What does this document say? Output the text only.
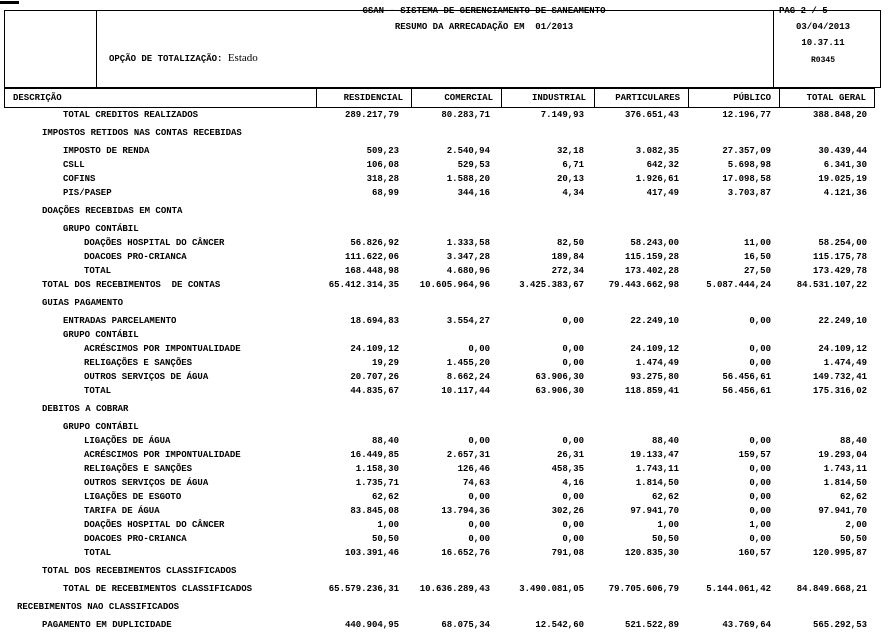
GSAN - SISTEMA DE GERENCIAMENTO DE SANEAMENTO
RESUMO DA ARRECADAÇÃO EM  01/2013
OPÇÃO DE TOTALIZAÇÃO: Estado
PAG 2 / 5
03/04/2013
10.37.11
R0345
DESCRIÇÃO	RESIDENCIAL	COMERCIAL	INDUSTRIAL	PARTICULARES	PÚBLICO	TOTAL GERAL
TOTAL CREDITOS REALIZADOS	289.217,79	80.283,71	7.149,93	376.651,43	12.196,77	388.848,20
IMPOSTOS RETIDOS NAS CONTAS RECEBIDAS
IMPOSTO DE RENDA	509,23	2.540,94	32,18	3.082,35	27.357,09	30.439,44
CSLL	106,08	529,53	6,71	642,32	5.698,98	6.341,30
COFINS	318,28	1.588,20	20,13	1.926,61	17.098,58	19.025,19
PIS/PASEP	68,99	344,16	4,34	417,49	3.703,87	4.121,36
DOAÇÕES RECEBIDAS EM CONTA
GRUPO CONTÁBIL
DOAÇÕES HOSPITAL DO CÂNCER	56.826,92	1.333,58	82,50	58.243,00	11,00	58.254,00
DOACOES PRO-CRIANCA	111.622,06	3.347,28	189,84	115.159,28	16,50	115.175,78
TOTAL	168.448,98	4.680,96	272,34	173.402,28	27,50	173.429,78
TOTAL DOS RECEBIMENTOS  DE CONTAS	65.412.314,35	10.605.964,96	3.425.383,67	79.443.662,98	5.087.444,24	84.531.107,22
GUIAS PAGAMENTO
ENTRADAS PARCELAMENTO	18.694,83	3.554,27	0,00	22.249,10	0,00	22.249,10
GRUPO CONTÁBIL
ACRÉSCIMOS POR IMPONTUALIDADE	24.109,12	0,00	0,00	24.109,12	0,00	24.109,12
RELIGAÇÕES E SANÇÕES	19,29	1.455,20	0,00	1.474,49	0,00	1.474,49
OUTROS SERVIÇOS DE ÁGUA	20.707,26	8.662,24	63.906,30	93.275,80	56.456,61	149.732,41
TOTAL	44.835,67	10.117,44	63.906,30	118.859,41	56.456,61	175.316,02
DEBITOS A COBRAR
GRUPO CONTÁBIL
LIGAÇÕES DE ÁGUA	88,40	0,00	0,00	88,40	0,00	88,40
ACRÉSCIMOS POR IMPONTUALIDADE	16.449,85	2.657,31	26,31	19.133,47	159,57	19.293,04
RELIGAÇÕES E SANÇÕES	1.158,30	126,46	458,35	1.743,11	0,00	1.743,11
OUTROS SERVIÇOS DE ÁGUA	1.735,71	74,63	4,16	1.814,50	0,00	1.814,50
LIGAÇÕES DE ESGOTO	62,62	0,00	0,00	62,62	0,00	62,62
TARIFA DE ÁGUA	83.845,08	13.794,36	302,26	97.941,70	0,00	97.941,70
DOAÇÕES HOSPITAL DO CÂNCER	1,00	0,00	0,00	1,00	1,00	2,00
DOACOES PRO-CRIANCA	50,50	0,00	0,00	50,50	0,00	50,50
TOTAL	103.391,46	16.652,76	791,08	120.835,30	160,57	120.995,87
TOTAL DOS RECEBIMENTOS CLASSIFICADOS
TOTAL DE RECEBIMENTOS CLASSIFICADOS	65.579.236,31	10.636.289,43	3.490.081,05	79.705.606,79	5.144.061,42	84.849.668,21
RECEBIMENTOS NAO CLASSIFICADOS
PAGAMENTO EM DUPLICIDADE	440.904,95	68.075,34	12.542,60	521.522,89	43.769,64	565.292,53
